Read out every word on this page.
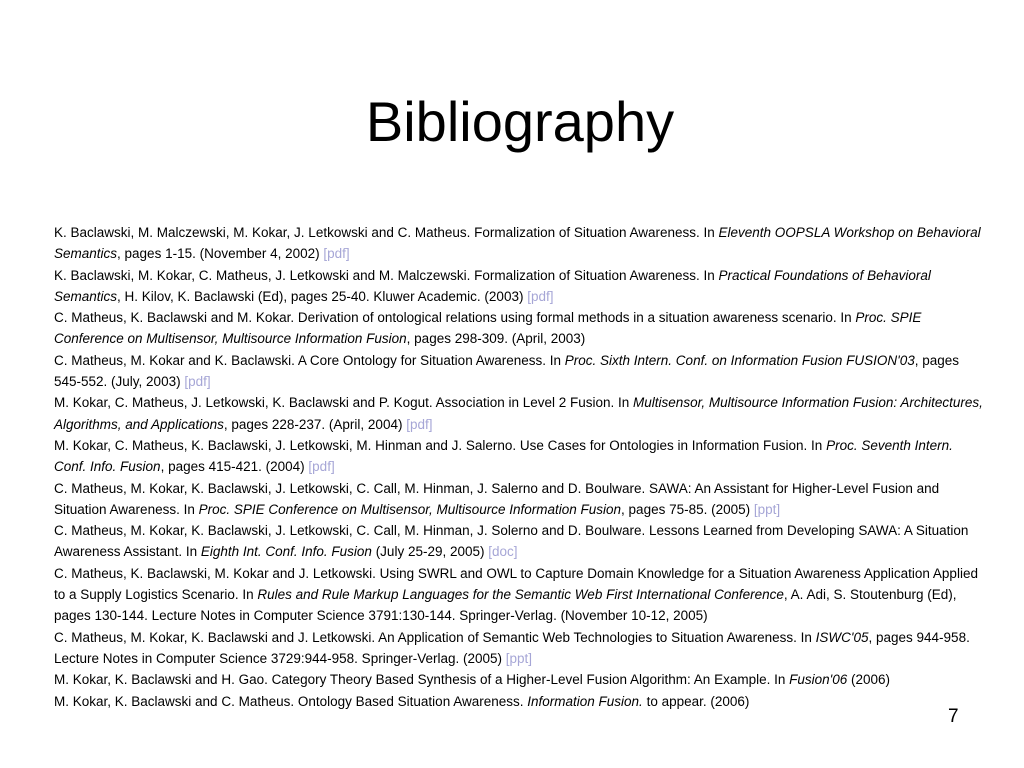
Bibliography

K. Baclawski, M. Malczewski, M. Kokar, J. Letkowski and C. Matheus. Formalization of Situation Awareness. In Eleventh OOPSLA Workshop on Behavioral Semantics, pages 1-15. (November 4, 2002) [pdf]

K. Baclawski, M. Kokar, C. Matheus, J. Letkowski and M. Malczewski. Formalization of Situation Awareness. In Practical Foundations of Behavioral Semantics, H. Kilov, K. Baclawski (Ed), pages 25-40. Kluwer Academic. (2003) [pdf]

C. Matheus, K. Baclawski and M. Kokar. Derivation of ontological relations using formal methods in a situation awareness scenario. In Proc. SPIE Conference on Multisensor, Multisource Information Fusion, pages 298-309. (April, 2003)

C. Matheus, M. Kokar and K. Baclawski. A Core Ontology for Situation Awareness. In Proc. Sixth Intern. Conf. on Information Fusion FUSION'03, pages 545-552. (July, 2003) [pdf]

M. Kokar, C. Matheus, J. Letkowski, K. Baclawski and P. Kogut. Association in Level 2 Fusion. In Multisensor, Multisource Information Fusion: Architectures, Algorithms, and Applications, pages 228-237. (April, 2004) [pdf]

M. Kokar, C. Matheus, K. Baclawski, J. Letkowski, M. Hinman and J. Salerno. Use Cases for Ontologies in Information Fusion. In Proc. Seventh Intern. Conf. Info. Fusion, pages 415-421. (2004) [pdf]

C. Matheus, M. Kokar, K. Baclawski, J. Letkowski, C. Call, M. Hinman, J. Salerno and D. Boulware. SAWA: An Assistant for Higher-Level Fusion and Situation Awareness. In Proc. SPIE Conference on Multisensor, Multisource Information Fusion, pages 75-85. (2005) [ppt]

C. Matheus, M. Kokar, K. Baclawski, J. Letkowski, C. Call, M. Hinman, J. Solerno and D. Boulware. Lessons Learned from Developing SAWA: A Situation Awareness Assistant. In Eighth Int. Conf. Info. Fusion (July 25-29, 2005) [doc]

C. Matheus, K. Baclawski, M. Kokar and J. Letkowski. Using SWRL and OWL to Capture Domain Knowledge for a Situation Awareness Application Applied to a Supply Logistics Scenario. In Rules and Rule Markup Languages for the Semantic Web First International Conference, A. Adi, S. Stoutenburg (Ed), pages 130-144. Lecture Notes in Computer Science 3791:130-144. Springer-Verlag. (November 10-12, 2005)

C. Matheus, M. Kokar, K. Baclawski and J. Letkowski. An Application of Semantic Web Technologies to Situation Awareness. In ISWC'05, pages 944-958. Lecture Notes in Computer Science 3729:944-958. Springer-Verlag. (2005) [ppt]

M. Kokar, K. Baclawski and H. Gao. Category Theory Based Synthesis of a Higher-Level Fusion Algorithm: An Example. In Fusion'06 (2006)

M. Kokar, K. Baclawski and C. Matheus. Ontology Based Situation Awareness. Information Fusion. to appear. (2006)

7
